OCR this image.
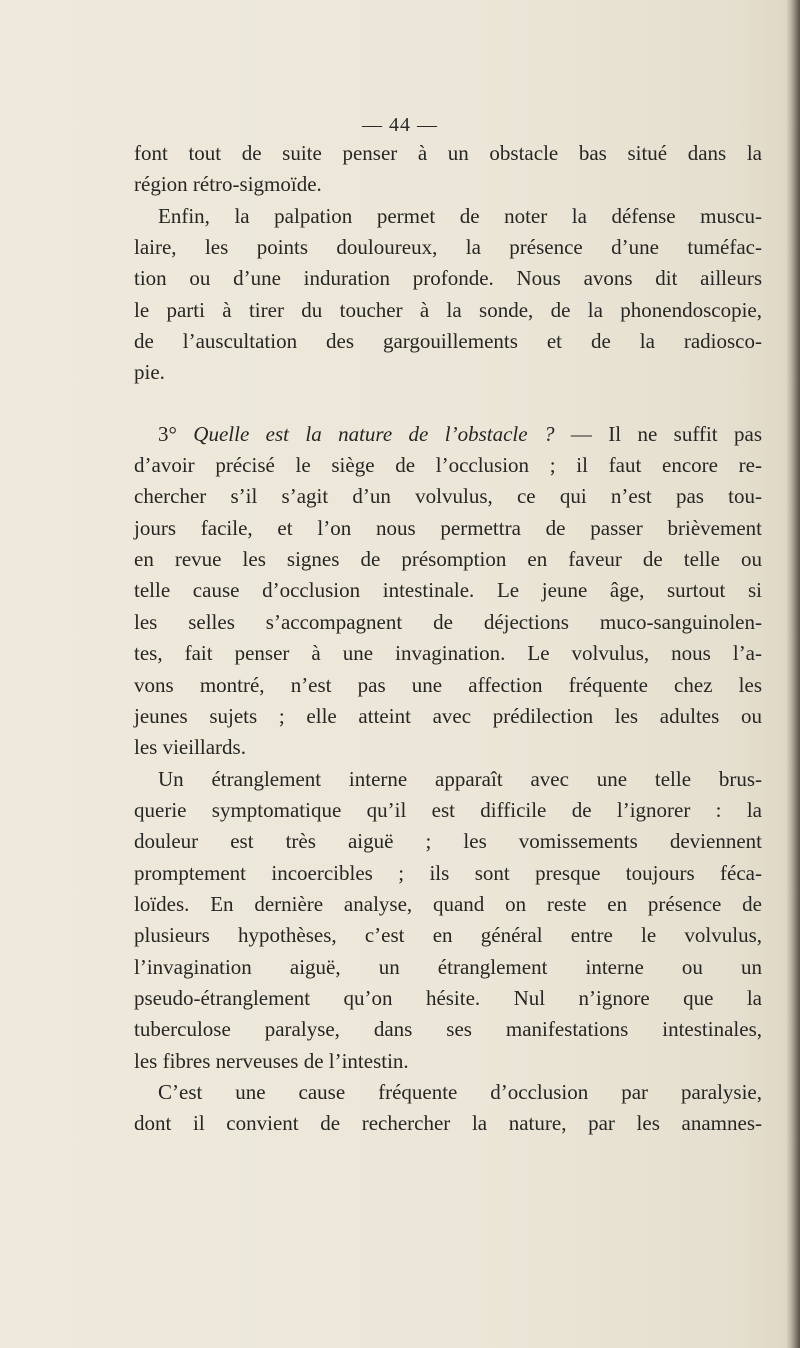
— 44 —

font tout de suite penser à un obstacle bas situé dans la
région rétro-sigmoïde.

Enfin, la palpation permet de noter la défense muscu-
laire, les points douloureux, la présence d’une tuméfac-
tion ou d’une induration profonde. Nous avons dit ailleurs
le parti à tirer du toucher à la sonde, de la phonendoscopie,
de l’auscultation des gargouillements et de la radiosco-
pie.

3° Quelle est la nature de l’obstacle ? — Il ne suffit pas
d’avoir précisé le siège de l’occlusion ; il faut encore re-
chercher s’il s’agit d’un volvulus, ce qui n’est pas tou-
jours facile, et l’on nous permettra de passer brièvement
en revue les signes de présomption en faveur de telle ou
telle cause d’occlusion intestinale. Le jeune âge, surtout si
les selles s’accompagnent de déjections muco-sanguinolen-
tes, fait penser à une invagination. Le volvulus, nous l’a-
vons montré, n’est pas une affection fréquente chez les
jeunes sujets ; elle atteint avec prédilection les adultes ou
les vieillards.

Un étranglement interne apparaît avec une telle brus-
querie symptomatique qu’il est difficile de l’ignorer : la
douleur est très aiguë ; les vomissements deviennent
promptement incoercibles ; ils sont presque toujours féca-
loïdes. En dernière analyse, quand on reste en présence de
plusieurs hypothèses, c’est en général entre le volvulus,
l’invagination aiguë, un étranglement interne ou un
pseudo-étranglement qu’on hésite. Nul n’ignore que la
tuberculose paralyse, dans ses manifestations intestinales,
les fibres nerveuses de l’intestin.

C’est une cause fréquente d’occlusion par paralysie,
dont il convient de rechercher la nature, par les anamnes-
